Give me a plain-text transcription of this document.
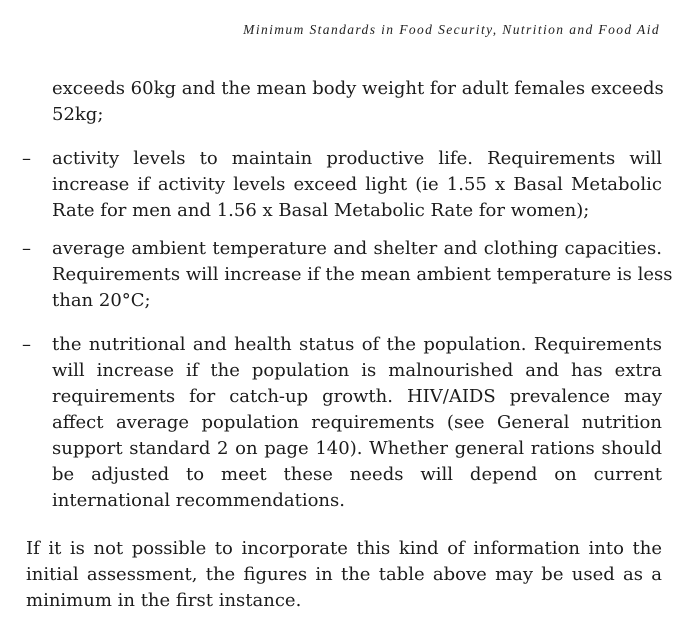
Minimum Standards in Food Security, Nutrition and Food Aid
exceeds 60kg and the mean body weight for adult females exceeds
52kg;
– activity levels to maintain productive life. Requirements will
increase if activity levels exceed light (ie 1.55 x Basal Metabolic
Rate for men and 1.56 x Basal Metabolic Rate for women);
– average ambient temperature and shelter and clothing capacities.
Requirements will increase if the mean ambient temperature is less
than 20°C;
– the nutritional and health status of the population. Requirements
will increase if the population is malnourished and has extra
requirements for catch-up growth. HIV/AIDS prevalence may
affect average population requirements (see General nutrition
support standard 2 on page 140). Whether general rations should
be adjusted to meet these needs will depend on current
international recommendations.
If it is not possible to incorporate this kind of information into the
initial assessment, the figures in the table above may be used as a
minimum in the first instance.
